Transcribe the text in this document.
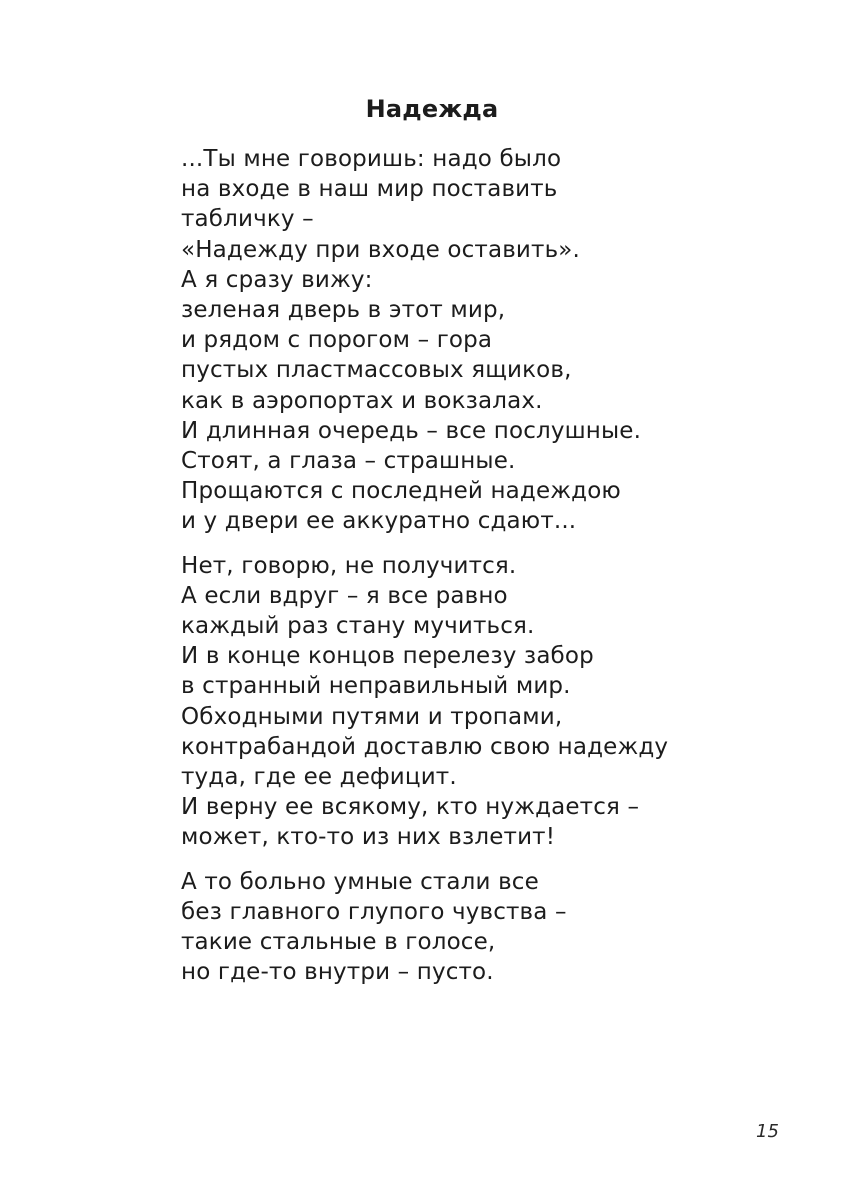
Надежда

...Ты мне говоришь: надо было
на входе в наш мир поставить
табличку –
«Надежду при входе оставить».
А я сразу вижу:
зеленая дверь в этот мир,
и рядом с порогом – гора
пустых пластмассовых ящиков,
как в аэропортах и вокзалах.
И длинная очередь – все послушные.
Стоят, а глаза – страшные.
Прощаются с последней надеждою
и у двери ее аккуратно сдают...

Нет, говорю, не получится.
А если вдруг – я все равно
каждый раз стану мучиться.
И в конце концов перелезу забор
в странный неправильный мир.
Обходными путями и тропами,
контрабандой доставлю свою надежду
туда, где ее дефицит.
И верну ее всякому, кто нуждается –
может, кто-то из них взлетит!

А то больно умные стали все
без главного глупого чувства –
такие стальные в голосе,
но где-то внутри – пусто.

15
